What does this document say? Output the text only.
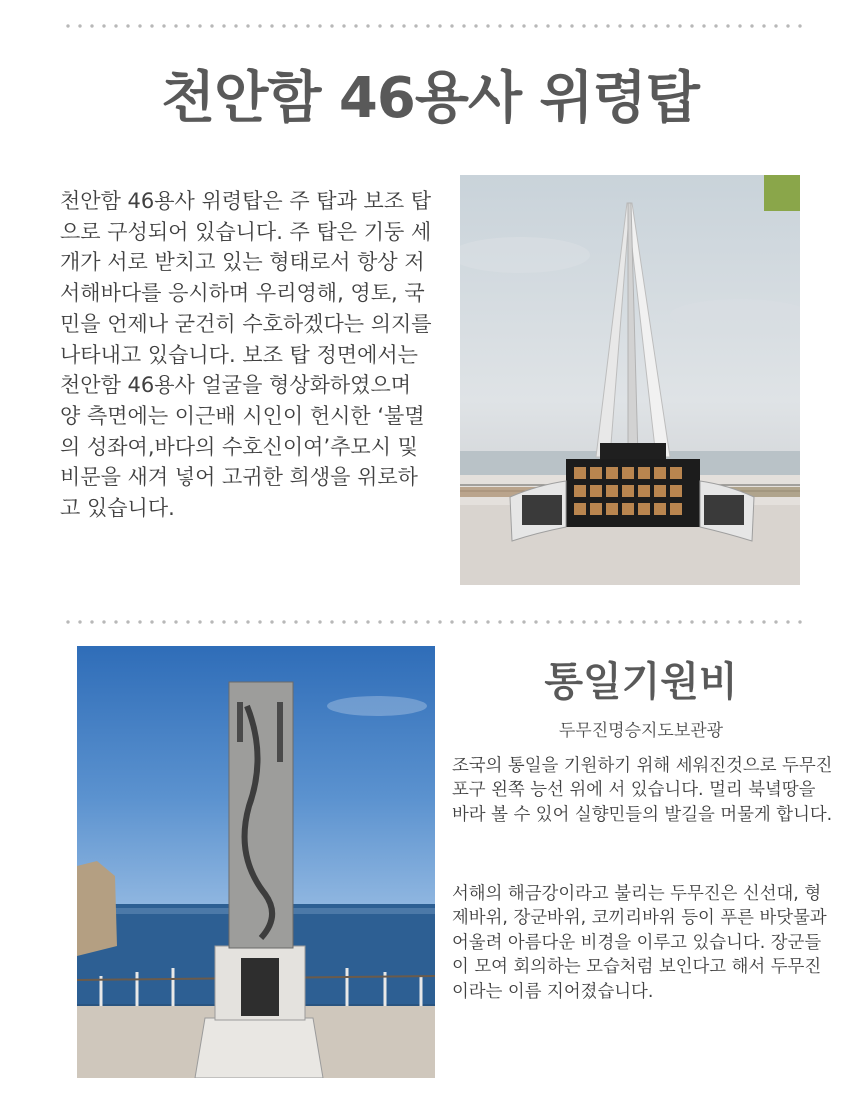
천안함 46용사 위령탑

천안함 46용사 위령탑은 주 탑과 보조 탑으로 구성되어 있습니다. 주 탑은 기둥 세 개가 서로 받치고 있는 형태로서 항상 저 서해바다를 응시하며 우리영해, 영토, 국민을 언제나 굳건히 수호하겠다는 의지를 나타내고 있습니다. 보조 탑 정면에서는 천안함 46용사 얼굴을 형상화하였으며 양 측면에는 이근배 시인이 헌시한 ‘불멸의 성좌여,바다의 수호신이여’추모시 및 비문을 새겨 넣어 고귀한 희생을 위로하고 있습니다.

통일기원비

두무진명승지도보관광

조국의 통일을 기원하기 위해 세워진것으로 두무진 포구 왼쪽 능선 위에 서 있습니다. 멀리 북녘땅을 바라 볼 수 있어 실향민들의 발길을 머물게 합니다.

서해의 해금강이라고 불리는 두무진은 신선대, 형제바위, 장군바위, 코끼리바위 등이 푸른 바닷물과 어울려 아름다운 비경을 이루고 있습니다. 장군들이 모여 회의하는 모습처럼 보인다고 해서 두무진이라는 이름 지어졌습니다.
